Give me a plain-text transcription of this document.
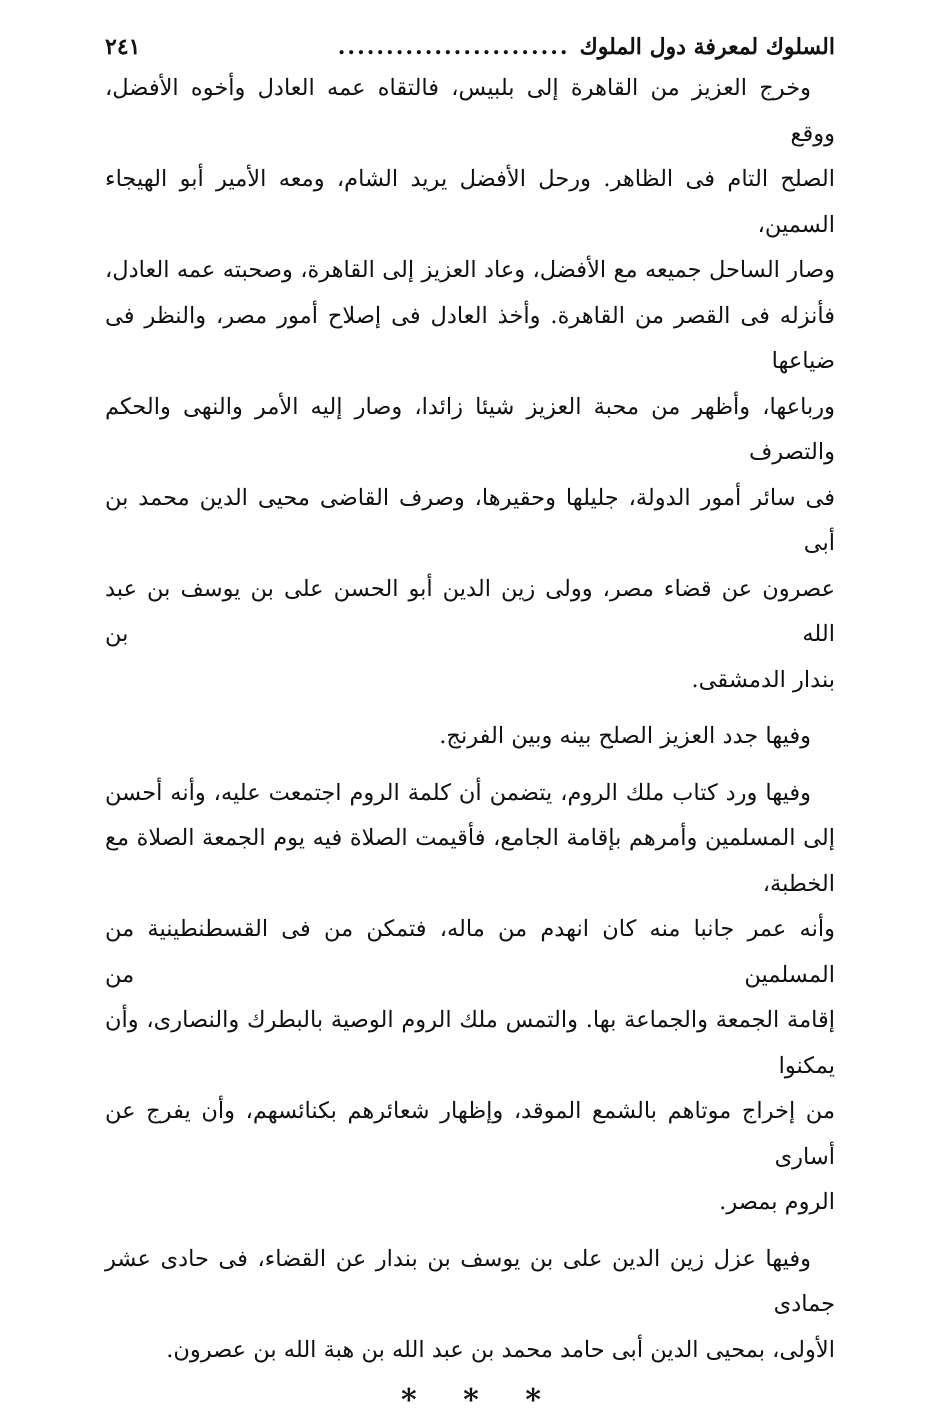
السلوك لمعرفة دول الملوك
........................
٢٤١

وخرج العزيز من القاهرة إلى بلبيس، فالتقاه عمه العادل وأخوه الأفضل، ووقع
الصلح التام فى الظاهر. ورحل الأفضل يريد الشام، ومعه الأمير أبو الهيجاء السمين،
وصار الساحل جميعه مع الأفضل، وعاد العزيز إلى القاهرة، وصحبته عمه العادل،
فأنزله فى القصر من القاهرة. وأخذ العادل فى إصلاح أمور مصر، والنظر فى ضياعها
ورباعها، وأظهر من محبة العزيز شيئا زائدا، وصار إليه الأمر والنهى والحكم والتصرف
فى سائر أمور الدولة، جليلها وحقيرها، وصرف القاضى محيى الدين محمد بن أبى
عصرون عن قضاء مصر، وولى زين الدين أبو الحسن على بن يوسف بن عبد الله بن
بندار الدمشقى.

وفيها جدد العزيز الصلح بينه وبين الفرنج.

وفيها ورد كتاب ملك الروم، يتضمن أن كلمة الروم اجتمعت عليه، وأنه أحسن
إلى المسلمين وأمرهم بإقامة الجامع، فأقيمت الصلاة فيه يوم الجمعة الصلاة مع الخطبة،
وأنه عمر جانبا منه كان انهدم من ماله، فتمكن من فى القسطنطينية من المسلمين من
إقامة الجمعة والجماعة بها. والتمس ملك الروم الوصية بالبطرك والنصارى، وأن يمكنوا
من إخراج موتاهم بالشمع الموقد، وإظهار شعائرهم بكنائسهم، وأن يفرج عن أسارى
الروم بمصر.

وفيها عزل زين الدين على بن يوسف بن بندار عن القضاء، فى حادى عشر جمادى
الأولى، بمحيى الدين أبى حامد محمد بن عبد الله بن هبة الله بن عصرون.

* * *
